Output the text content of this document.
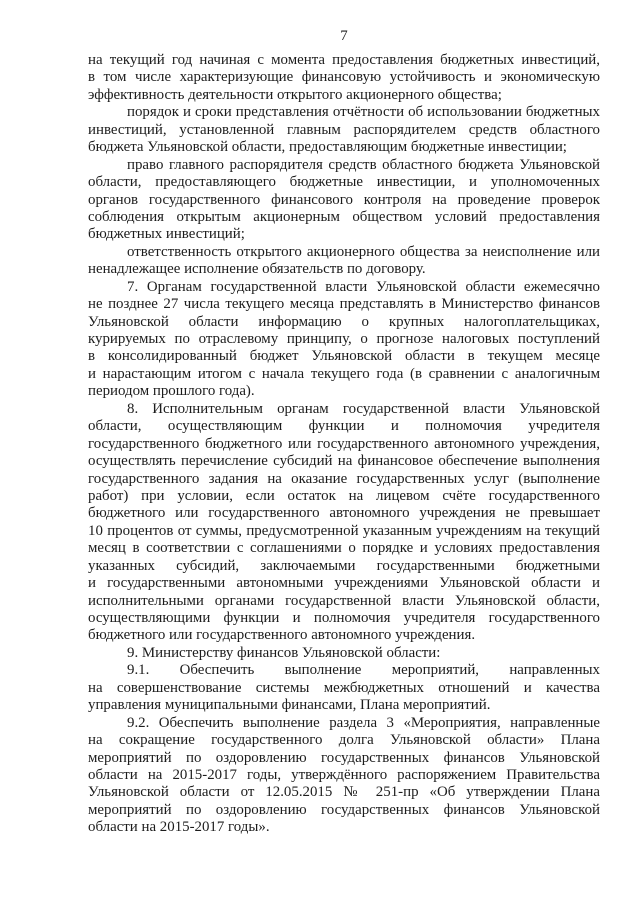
7
на текущий год начиная с момента предоставления бюджетных инвестиций,
в том числе характеризующие финансовую устойчивость и экономическую
эффективность деятельности открытого акционерного общества;
порядок и сроки представления отчётности об использовании бюджетных
инвестиций, установленной главным распорядителем средств областного
бюджета Ульяновской области, предоставляющим бюджетные инвестиции;
право главного распорядителя средств областного бюджета Ульяновской
области, предоставляющего бюджетные инвестиции, и уполномоченных
органов государственного финансового контроля на проведение проверок
соблюдения открытым акционерным обществом условий предоставления
бюджетных инвестиций;
ответственность открытого акционерного общества за неисполнение или
ненадлежащее исполнение обязательств по договору.
7. Органам государственной власти Ульяновской области ежемесячно
не позднее 27 числа текущего месяца представлять в Министерство финансов
Ульяновской области информацию о крупных налогоплательщиках,
курируемых по отраслевому принципу, о прогнозе налоговых поступлений
в консолидированный бюджет Ульяновской области в текущем месяце
и нарастающим итогом с начала текущего года (в сравнении с аналогичным
периодом прошлого года).
8. Исполнительным органам государственной власти Ульяновской
области, осуществляющим функции и полномочия учредителя
государственного бюджетного или государственного автономного учреждения,
осуществлять перечисление субсидий на финансовое обеспечение выполнения
государственного задания на оказание государственных услуг (выполнение
работ) при условии, если остаток на лицевом счёте государственного
бюджетного или государственного автономного учреждения не превышает
10 процентов от суммы, предусмотренной указанным учреждениям на текущий
месяц в соответствии с соглашениями о порядке и условиях предоставления
указанных субсидий, заключаемыми государственными бюджетными
и государственными автономными учреждениями Ульяновской области и
исполнительными органами государственной власти Ульяновской области,
осуществляющими функции и полномочия учредителя государственного
бюджетного или государственного автономного учреждения.
9. Министерству финансов Ульяновской области:
9.1. Обеспечить выполнение мероприятий, направленных
на совершенствование системы межбюджетных отношений и качества
управления муниципальными финансами, Плана мероприятий.
9.2. Обеспечить выполнение раздела 3 «Мероприятия, направленные
на сокращение государственного долга Ульяновской области» Плана
мероприятий по оздоровлению государственных финансов Ульяновской
области на 2015-2017 годы, утверждённого распоряжением Правительства
Ульяновской области от 12.05.2015 № 251-пр «Об утверждении Плана
мероприятий по оздоровлению государственных финансов Ульяновской
области на 2015-2017 годы».
